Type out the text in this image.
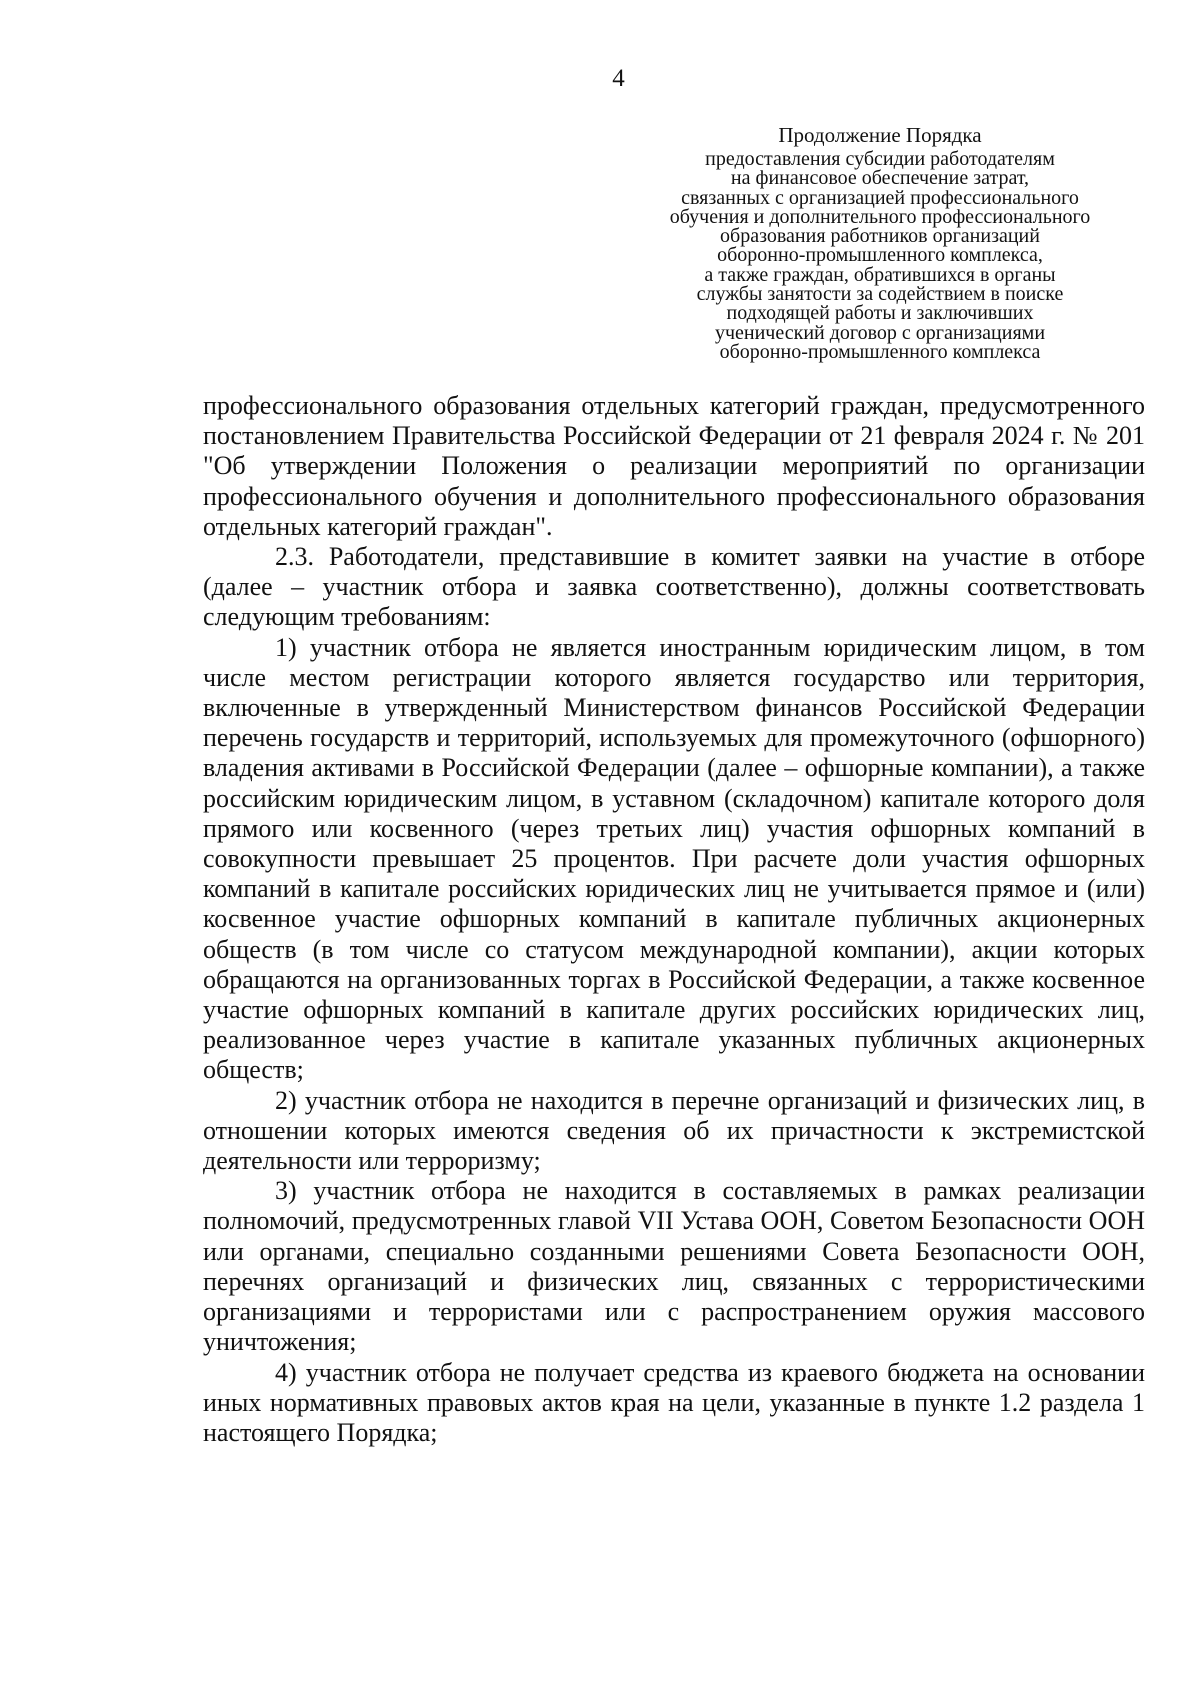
4
Продолжение Порядка
предоставления субсидии работодателям
на финансовое обеспечение затрат,
связанных с организацией профессионального
обучения и дополнительного профессионального
образования работников организаций
оборонно-промышленного комплекса,
а также граждан, обратившихся в органы
службы занятости за содействием в поиске
подходящей работы и заключивших
ученический договор с организациями
оборонно-промышленного комплекса

профессионального образования отдельных категорий граждан, предусмотренного постановлением Правительства Российской Федерации от 21 февраля 2024 г. № 201 "Об утверждении Положения о реализации мероприятий по организации профессионального обучения и дополнительного профессионального образования отдельных категорий граждан".

2.3. Работодатели, представившие в комитет заявки на участие в отборе (далее – участник отбора и заявка соответственно), должны соответствовать следующим требованиям:

1) участник отбора не является иностранным юридическим лицом, в том числе местом регистрации которого является государство или территория, включенные в утвержденный Министерством финансов Российской Федерации перечень государств и территорий, используемых для промежуточного (офшорного) владения активами в Российской Федерации (далее – офшорные компании), а также российским юридическим лицом, в уставном (складочном) капитале которого доля прямого или косвенного (через третьих лиц) участия офшорных компаний в совокупности превышает 25 процентов. При расчете доли участия офшорных компаний в капитале российских юридических лиц не учитывается прямое и (или) косвенное участие офшорных компаний в капитале публичных акционерных обществ (в том числе со статусом международной компании), акции которых обращаются на организованных торгах в Российской Федерации, а также косвенное участие офшорных компаний в капитале других российских юридических лиц, реализованное через участие в капитале указанных публичных акционерных обществ;

2) участник отбора не находится в перечне организаций и физических лиц, в отношении которых имеются сведения об их причастности к экстремистской деятельности или терроризму;

3) участник отбора не находится в составляемых в рамках реализации полномочий, предусмотренных главой VII Устава ООН, Советом Безопасности ООН или органами, специально созданными решениями Совета Безопасности ООН, перечнях организаций и физических лиц, связанных с террористическими организациями и террористами или с распространением оружия массового уничтожения;

4) участник отбора не получает средства из краевого бюджета на основании иных нормативных правовых актов края на цели, указанные в пункте 1.2 раздела 1 настоящего Порядка;
